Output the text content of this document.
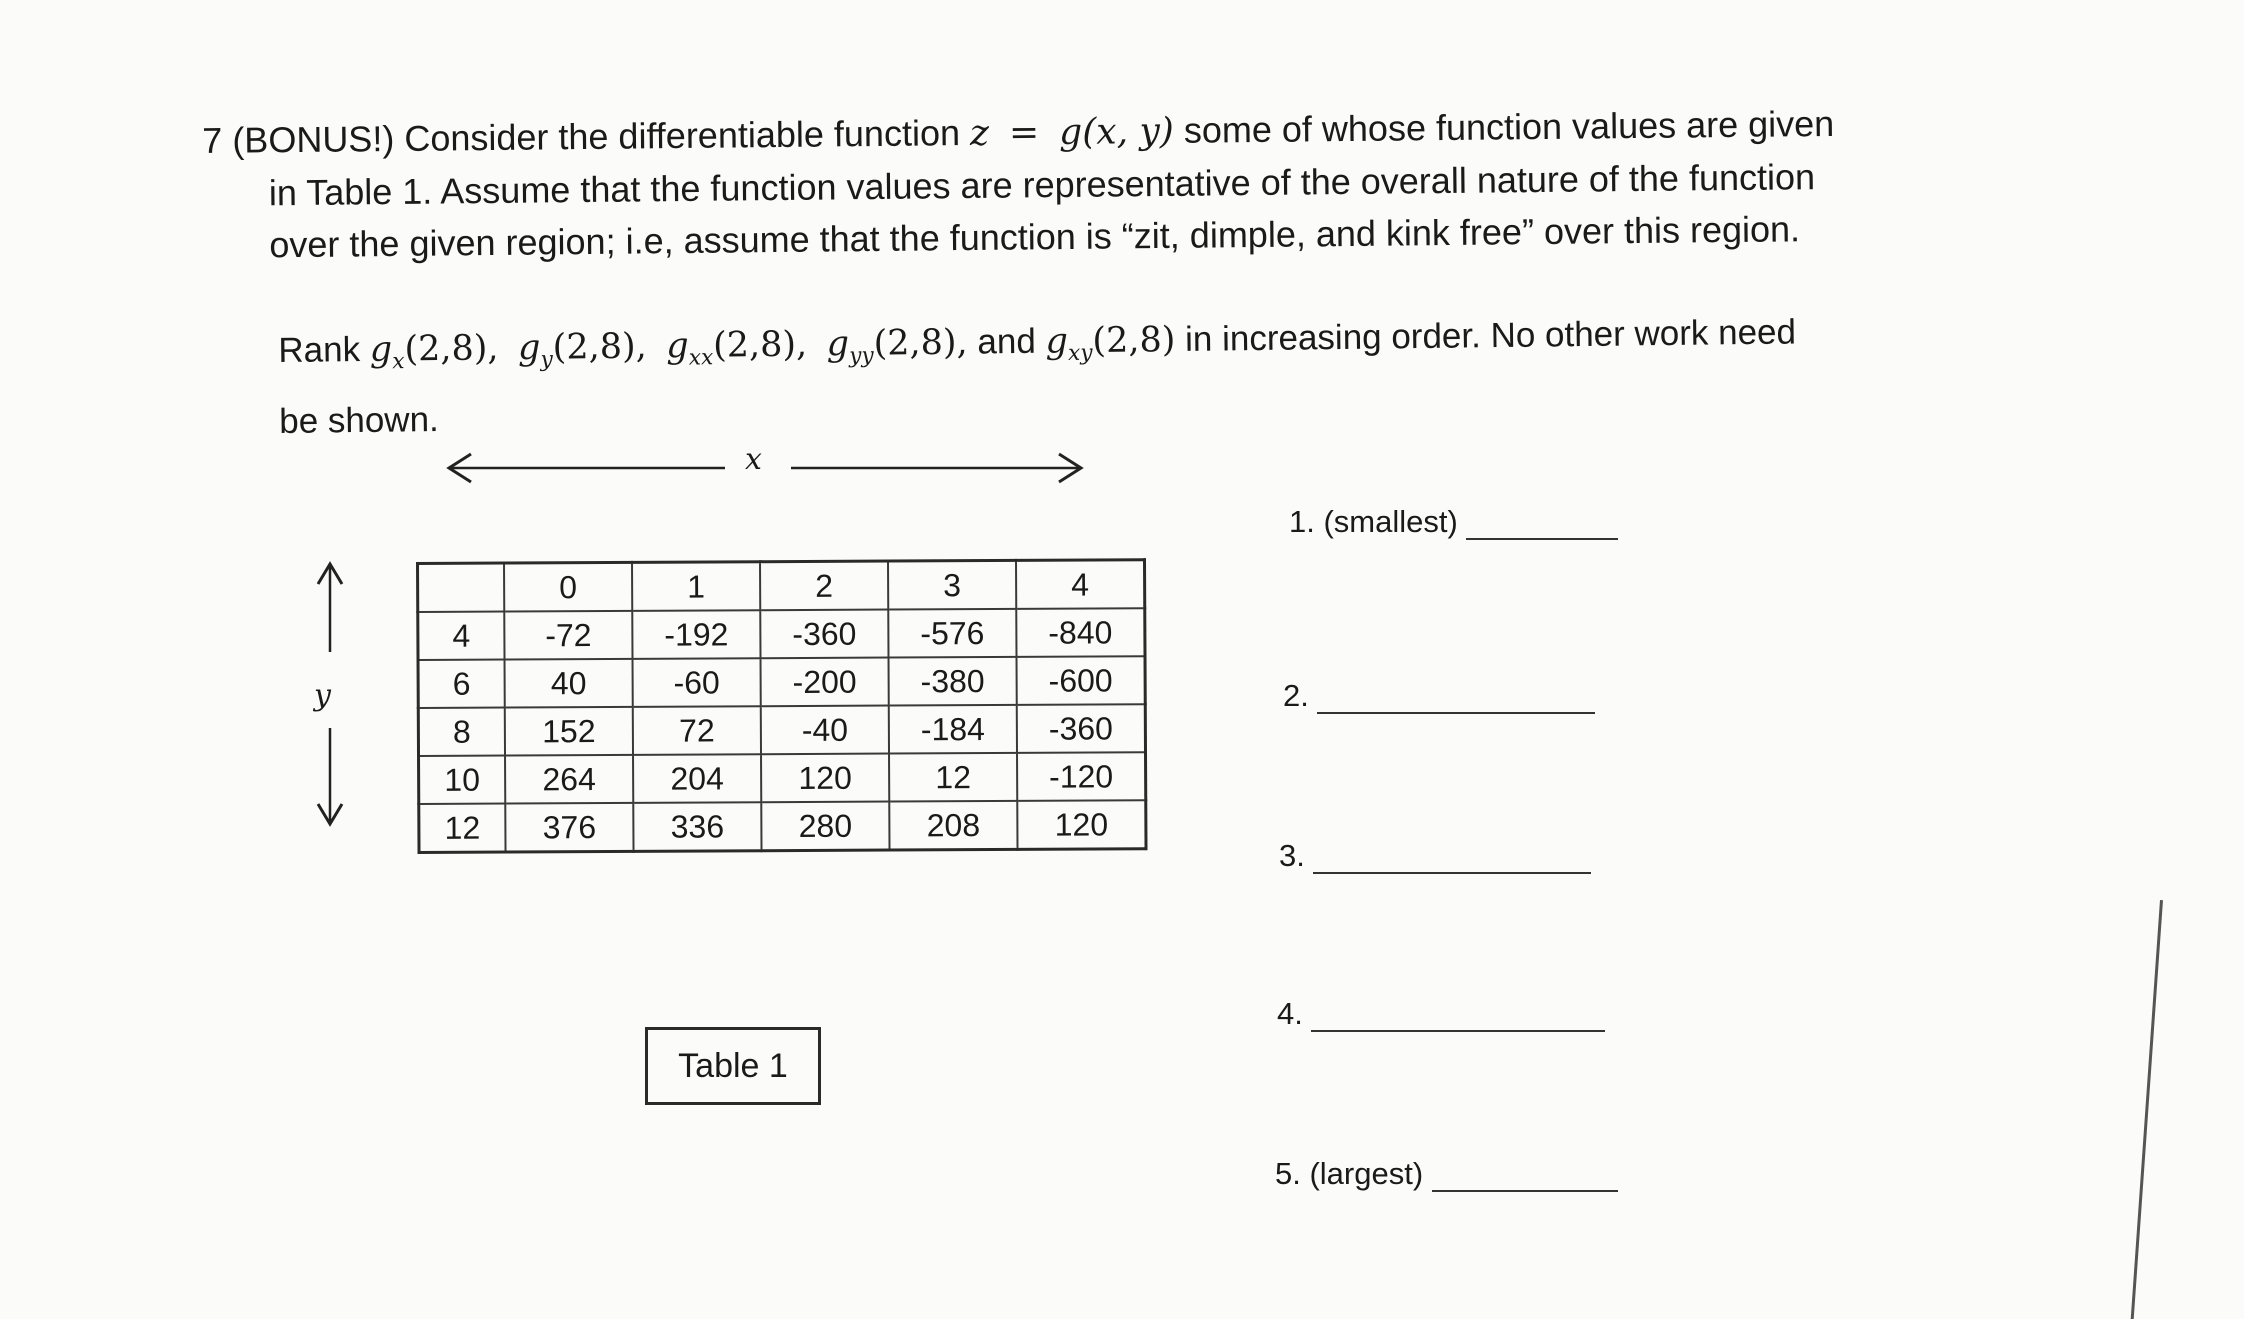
7 (BONUS!) Consider the differentiable function z = g(x, y) some of whose function values are given
in Table 1. Assume that the function values are representative of the overall nature of the function
over the given region; i.e, assume that the function is “zit, dimple, and kink free” over this region.
Rank $g_x(2,8)$, $g_y(2,8)$, $g_{xx}(2,8)$, $g_{yy}(2,8)$, and $g_{xy}(2,8)$ in increasing order. No other work need
be shown.
x
y
	0	1	2	3	4
4	-72	-192	-360	-576	-840
6	40	-60	-200	-380	-600
8	152	72	-40	-184	-360
10	264	204	120	12	-120
12	376	336	280	208	120
Table 1
1. (smallest)
2.
3.
4.
5. (largest)
